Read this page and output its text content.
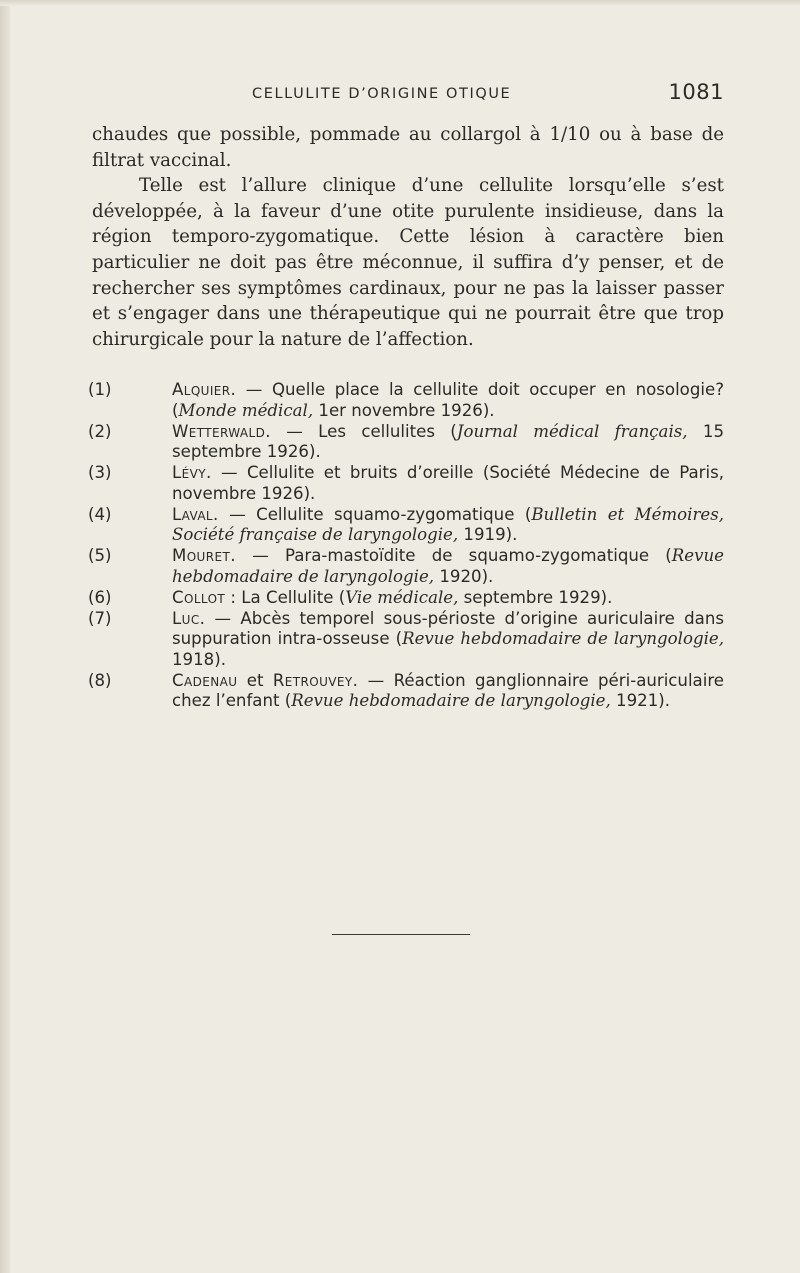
CELLULITE D’ORIGINE OTIQUE	1081

chaudes que possible, pommade au collargol à 1/10 ou à base de filtrat vaccinal.

Telle est l’allure clinique d’une cellulite lorsqu’elle s’est développée, à la faveur d’une otite purulente insidieuse, dans la région temporo-zygomatique. Cette lésion à caractère bien particulier ne doit pas être méconnue, il suffira d’y penser, et de rechercher ses symptômes cardinaux, pour ne pas la laisser passer et s’engager dans une thérapeutique qui ne pourrait être que trop chirurgicale pour la nature de l’affection.

(1)	Alquier. — Quelle place la cellulite doit occuper en nosologie? (Monde médical, 1er novembre 1926).
(2)	Wetterwald. — Les cellulites (Journal médical français, 15 septembre 1926).
(3)	Lévy. — Cellulite et bruits d’oreille (Société Médecine de Paris, novembre 1926).
(4)	Laval. — Cellulite squamo-zygomatique (Bulletin et Mémoires, Société française de laryngologie, 1919).
(5)	Mouret. — Para-mastoïdite de squamo-zygomatique (Revue hebdomadaire de laryngologie, 1920).
(6)	Collot : La Cellulite (Vie médicale, septembre 1929).
(7)	Luc. — Abcès temporel sous-périoste d’origine auriculaire dans suppuration intra-osseuse (Revue hebdomadaire de laryngologie, 1918).
(8)	Cadenau et Retrouvey. — Réaction ganglionnaire péri-auriculaire chez l’enfant (Revue hebdomadaire de laryngologie, 1921).
